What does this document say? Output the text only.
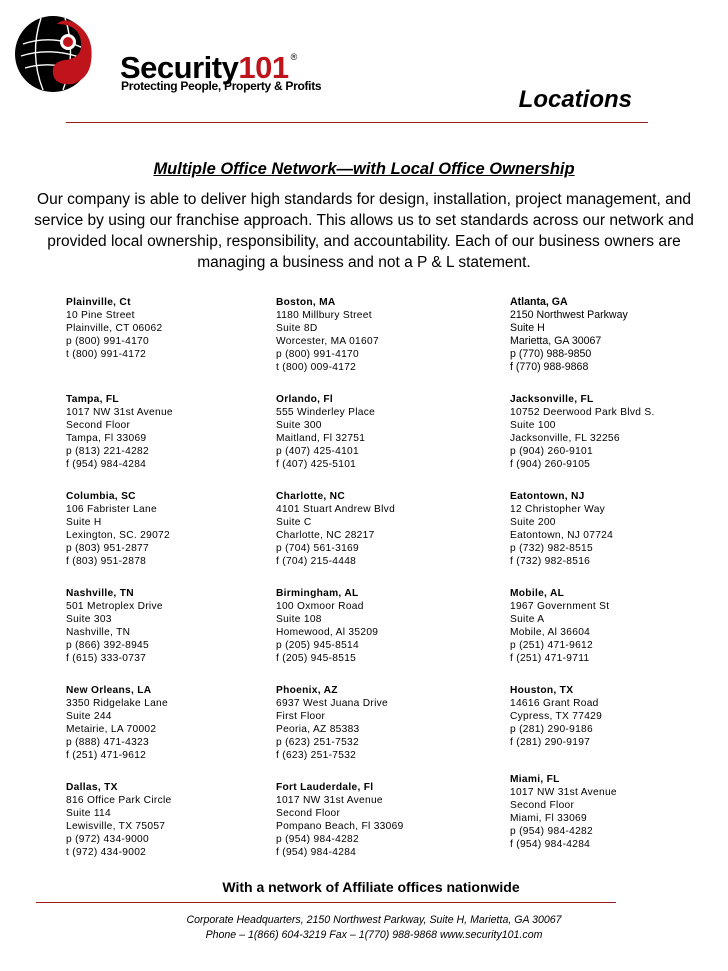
Security101 ®
Protecting People, Property & Profits	Locations
Multiple Office Network—with Local Office Ownership
Our company is able to deliver high standards for design, installation, project management, and service by using our franchise approach. This allows us to set standards across our network and provided local ownership, responsibility, and accountability. Each of our business owners are managing a business and not a P & L statement.
Plainville, Ct
10 Pine Street
Plainville, CT 06062
p (800) 991-4170
t (800) 991-4172
Boston, MA
1180 Millbury Street
Suite 8D
Worcester, MA 01607
p (800) 991-4170
t (800) 009-4172
Atlanta, GA
2150 Northwest Parkway
Suite H
Marietta, GA 30067
p (770) 988-9850
f (770) 988-9868
Tampa, FL
1017 NW 31st Avenue
Second Floor
Tampa, Fl 33069
p (813) 221-4282
f (954) 984-4284
Orlando, Fl
555 Winderley Place
Suite 300
Maitland, Fl 32751
p (407) 425-4101
f (407) 425-5101
Jacksonville, FL
10752 Deerwood Park Blvd S.
Suite 100
Jacksonville, FL 32256
p (904) 260-9101
f (904) 260-9105
Columbia, SC
106 Fabrister Lane
Suite H
Lexington, SC. 29072
p (803) 951-2877
f (803) 951-2878
Charlotte, NC
4101 Stuart Andrew Blvd
Suite C
Charlotte, NC 28217
p (704) 561-3169
f (704) 215-4448
Eatontown, NJ
12 Christopher Way
Suite 200
Eatontown, NJ 07724
p (732) 982-8515
f (732) 982-8516
Nashville, TN
501 Metroplex Drive
Suite 303
Nashville, TN
p (866) 392-8945
f (615) 333-0737
Birmingham, AL
100 Oxmoor Road
Suite 108
Homewood, Al 35209
p (205) 945-8514
f (205) 945-8515
Mobile, AL
1967 Government St
Suite A
Mobile, Al 36604
p (251) 471-9612
f (251) 471-9711
New Orleans, LA
3350 Ridgelake Lane
Suite 244
Metairie, LA 70002
p (888) 471-4323
f (251) 471-9612
Phoenix, AZ
6937 West Juana Drive
First Floor
Peoria, AZ 85383
p (623) 251-7532
f (623) 251-7532
Houston, TX
14616 Grant Road
Cypress, TX 77429
p (281) 290-9186
f (281) 290-9197
Dallas, TX
816 Office Park Circle
Suite 114
Lewisville, TX 75057
p (972) 434-9000
t (972) 434-9002
Fort Lauderdale, Fl
1017 NW 31st Avenue
Second Floor
Pompano Beach, Fl 33069
p (954) 984-4282
f (954) 984-4284
Miami, FL
1017 NW 31st Avenue
Second Floor
Miami, Fl 33069
p (954) 984-4282
f (954) 984-4284
With a network of Affiliate offices nationwide
Corporate Headquarters, 2150 Northwest Parkway, Suite H, Marietta, GA 30067
Phone – 1(866) 604-3219 Fax – 1(770) 988-9868 www.security101.com
